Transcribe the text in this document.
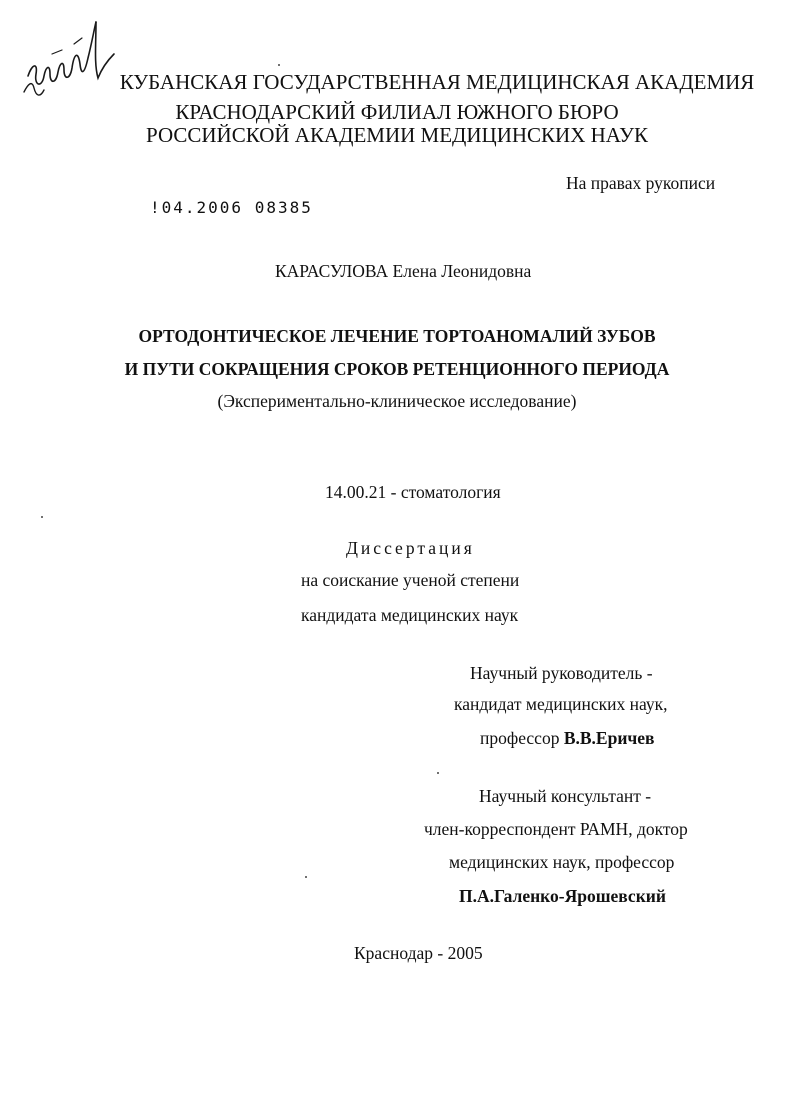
КУБАНСКАЯ ГОСУДАРСТВЕННАЯ МЕДИЦИНСКАЯ АКАДЕМИЯ
КРАСНОДАРСКИЙ ФИЛИАЛ ЮЖНОГО БЮРО
РОССИЙСКОЙ АКАДЕМИИ МЕДИЦИНСКИХ НАУК
На правах рукописи
!04.2006 08385
КАРАСУЛОВА Елена Леонидовна
ОРТОДОНТИЧЕСКОЕ ЛЕЧЕНИЕ ТОРТОАНОМАЛИЙ ЗУБОВ
И ПУТИ СОКРАЩЕНИЯ СРОКОВ РЕТЕНЦИОННОГО ПЕРИОДА
(Экспериментально-клиническое исследование)
14.00.21 - стоматология
Диссертация
на соискание ученой степени
кандидата медицинских наук
Научный руководитель -
кандидат медицинских наук,
профессор В.В.Еричев
Научный консультант -
член-корреспондент РАМН, доктор
медицинских наук, профессор
П.А.Галенко-Ярошевский
Краснодар - 2005
